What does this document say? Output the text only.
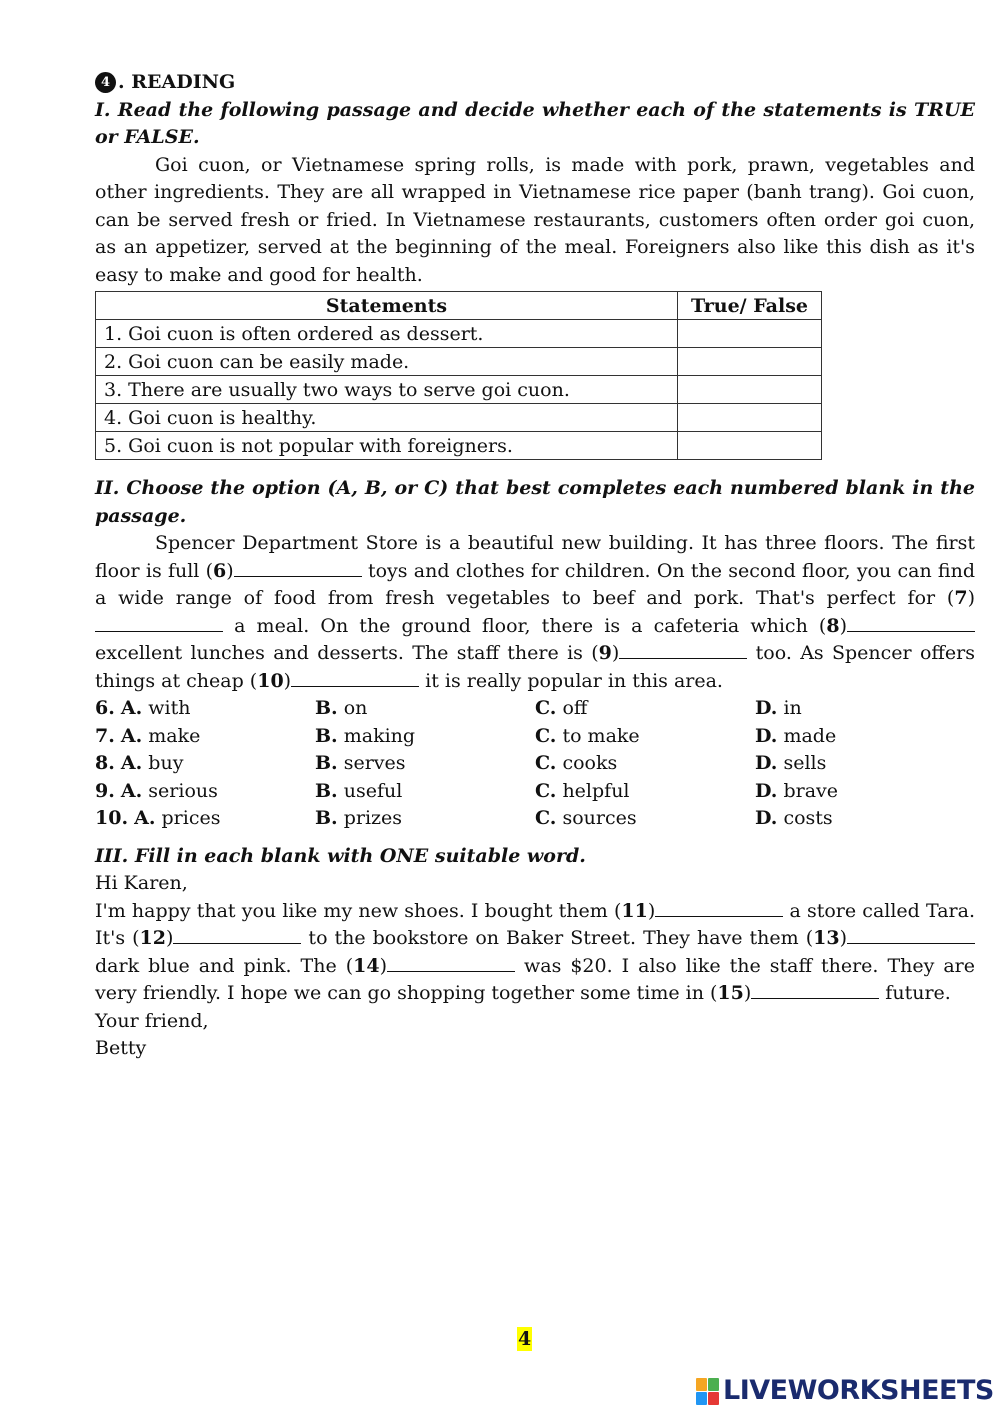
4 . READING
I. Read the following passage and decide whether each of the statements is TRUE or FALSE.
Goi cuon, or Vietnamese spring rolls, is made with pork, prawn, vegetables and other ingredients. They are all wrapped in Vietnamese rice paper (banh trang). Goi cuon, can be served fresh or fried. In Vietnamese restaurants, customers often order goi cuon, as an appetizer, served at the beginning of the meal. Foreigners also like this dish as it's easy to make and good for health.
Statements	True/ False
1. Goi cuon is often ordered as dessert.	
2. Goi cuon can be easily made.	
3. There are usually two ways to serve goi cuon.	
4. Goi cuon is healthy.	
5. Goi cuon is not popular with foreigners.	
II. Choose the option (A, B, or C) that best completes each numbered blank in the passage.
Spencer Department Store is a beautiful new building. It has three floors. The first floor is full (6)	toys and clothes for children. On the second floor, you can find a wide range of food from fresh vegetables to beef and pork. That's perfect for (7) a meal. On the ground floor, there is a cafeteria which (8) excellent lunches and desserts. The staff there is (9)	too. As Spencer offers things at cheap (10)	it is really popular in this area.
6. A. with	B. on	C. off	D. in
7. A. make	B. making	C. to make	D. made
8. A. buy	B. serves	C. cooks	D. sells
9. A. serious	B. useful	C. helpful	D. brave
10. A. prices	B. prizes	C. sources	D. costs
III. Fill in each blank with ONE suitable word.
Hi Karen,
I'm happy that you like my new shoes. I bought them (11)	a store called Tara. It's (12)	to the bookstore on Baker Street. They have them (13) dark blue and pink. The (14)	was $20. I also like the staff there. They are very friendly. I hope we can go shopping together some time in (15)	future.
Your friend,
Betty
4
LIVEWORKSHEETS
